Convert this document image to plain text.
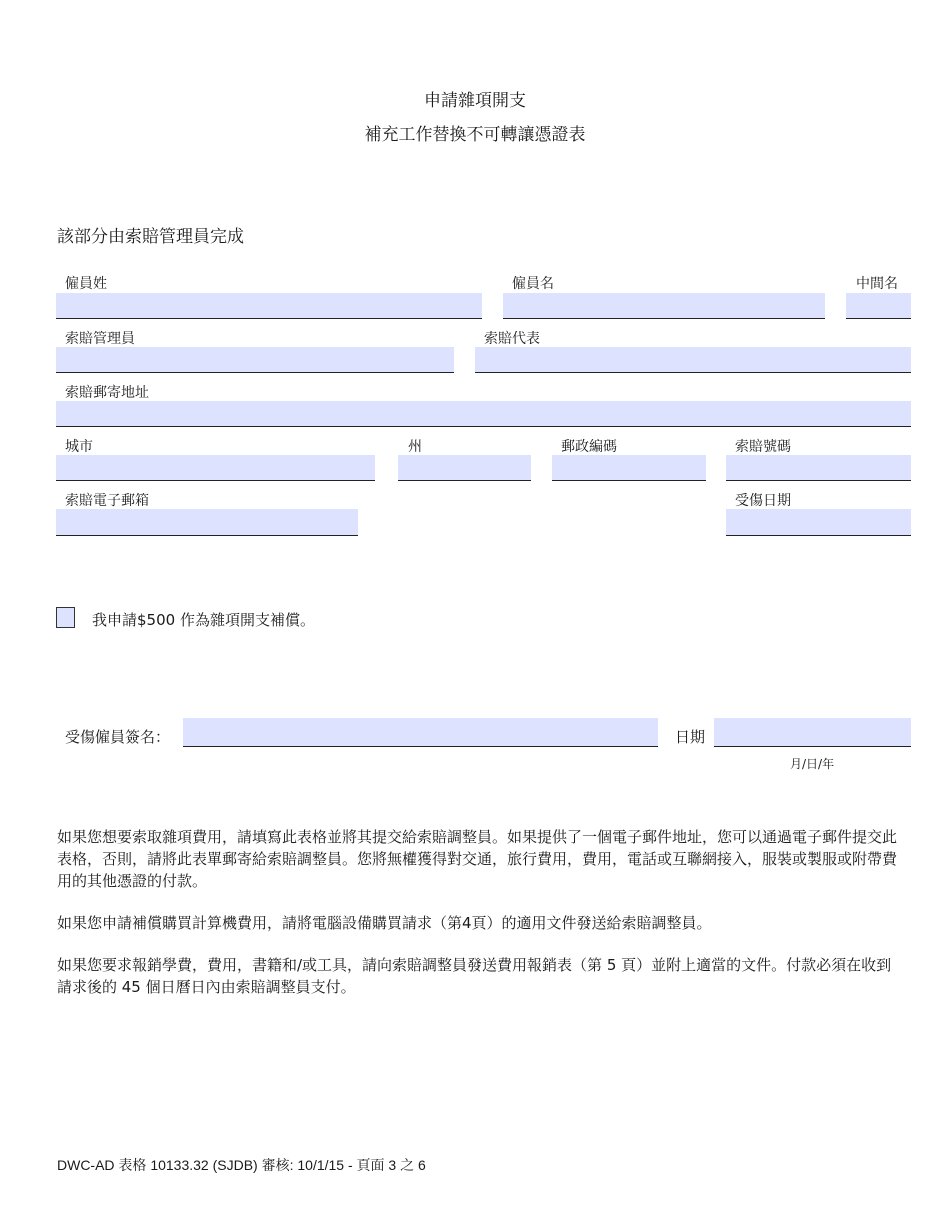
申請雜項開支
補充工作替換不可轉讓憑證表
該部分由索賠管理員完成
僱員姓	僱員名	中間名
索賠管理員	索賠代表
索賠郵寄地址
城市	州	郵政編碼	索賠號碼
索賠電子郵箱	受傷日期
我申請$500 作為雜項開支補償。
受傷僱員簽名：	日期
月/日/年
如果您想要索取雜項費用，請填寫此表格並將其提交給索賠調整員。如果提供了一個電子郵件地址，您可以通過電子郵件提交此表格，否則，請將此表單郵寄給索賠調整員。您將無權獲得對交通，旅行費用，費用，電話或互聯網接入，服裝或製服或附帶費用的其他憑證的付款。
如果您申請補償購買計算機費用，請將電腦設備購買請求（第4頁）的適用文件發送給索賠調整員。
如果您要求報銷學費，費用，書籍和/或工具，請向索賠調整員發送費用報銷表（第 5 頁）並附上適當的文件。付款必須在收到請求後的 45 個日曆日內由索賠調整員支付。
DWC-AD 表格 10133.32 (SJDB) 審核: 10/1/15 - 頁面 3 之 6
